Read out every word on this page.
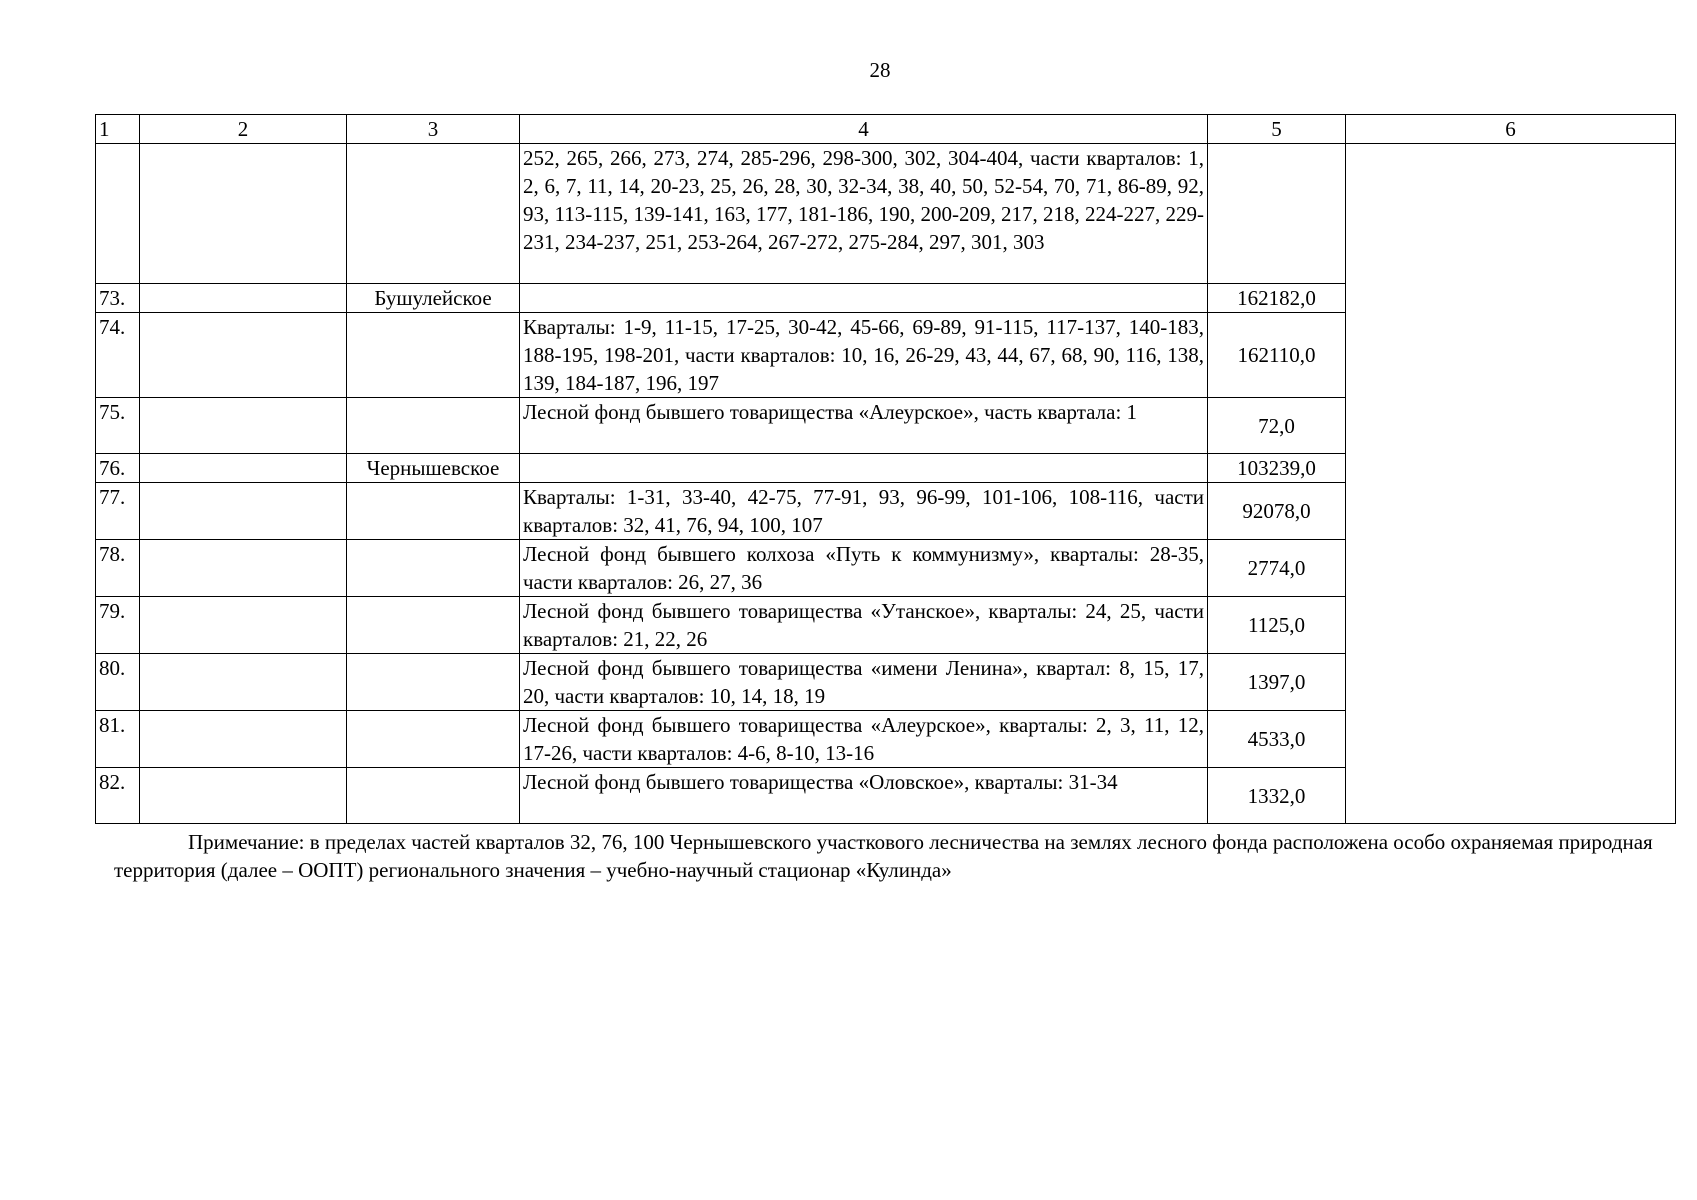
28
1	2	3	4	5	6
			252, 265, 266, 273, 274, 285-296, 298-300, 302, 304-404, части кварталов: 1, 2, 6, 7, 11, 14, 20-23, 25, 26, 28, 30, 32-34, 38, 40, 50, 52-54, 70, 71, 86-89, 92, 93, 113-115, 139-141, 163, 177, 181-186, 190, 200-209, 217, 218, 224-227, 229-231, 234-237, 251, 253-264, 267-272, 275-284, 297, 301, 303		
73.		Бушулейское		162182,0	
74.			Кварталы: 1-9, 11-15, 17-25, 30-42, 45-66, 69-89, 91-115, 117-137, 140-183, 188-195, 198-201, части кварталов: 10, 16, 26-29, 43, 44, 67, 68, 90, 116, 138, 139, 184-187, 196, 197	162110,0	
75.			Лесной фонд бывшего товарищества «Алеурское», часть квартала: 1	72,0	
76.		Чернышевское		103239,0	
77.			Кварталы: 1-31, 33-40, 42-75, 77-91, 93, 96-99, 101-106, 108-116, части кварталов: 32, 41, 76, 94, 100, 107	92078,0	
78.			Лесной фонд бывшего колхоза «Путь к коммунизму», кварталы: 28-35, части кварталов: 26, 27, 36	2774,0	
79.			Лесной фонд бывшего товарищества «Утанское», кварталы: 24, 25, части кварталов: 21, 22, 26	1125,0	
80.			Лесной фонд бывшего товарищества «имени Ленина», квартал: 8, 15, 17, 20, части кварталов: 10, 14, 18, 19	1397,0	
81.			Лесной фонд бывшего товарищества «Алеурское», кварталы: 2, 3, 11, 12, 17-26, части кварталов: 4-6, 8-10, 13-16	4533,0	
82.			Лесной фонд бывшего товарищества «Оловское», кварталы: 31-34	1332,0	
Примечание: в пределах частей кварталов 32, 76, 100 Чернышевского участкового лесничества на землях лесного фонда расположена особо охраняемая природная территория (далее – ООПТ) регионального значения – учебно-научный стационар «Кулинда»
